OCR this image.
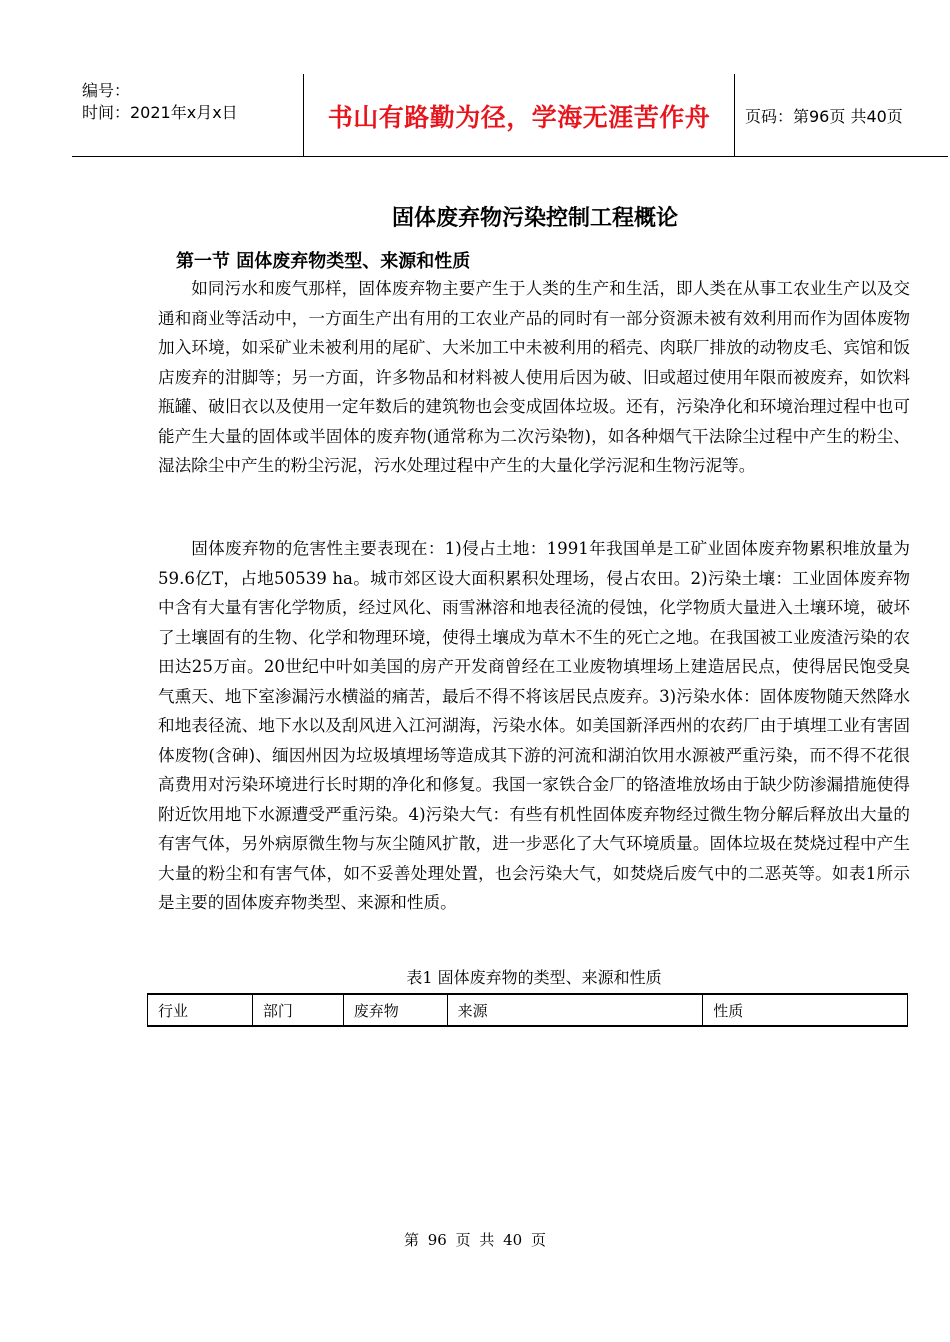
编号：
时间：2021年x月x日	书山有路勤为径，学海无涯苦作舟	页码：第96页 共40页
固体废弃物污染控制工程概论
第一节 固体废弃物类型、来源和性质

如同污水和废气那样，固体废弃物主要产生于人类的生产和生活，即人类在从事工农业生产以及交通和商业等活动中，一方面生产出有用的工农业产品的同时有一部分资源未被有效利用而作为固体废物加入环境，如采矿业未被利用的尾矿、大米加工中未被利用的稻壳、肉联厂排放的动物皮毛、宾馆和饭店废弃的泔脚等；另一方面，许多物品和材料被人使用后因为破、旧或超过使用年限而被废弃，如饮料瓶罐、破旧衣以及使用一定年数后的建筑物也会变成固体垃圾。还有，污染净化和环境治理过程中也可能产生大量的固体或半固体的废弃物(通常称为二次污染物)，如各种烟气干法除尘过程中产生的粉尘、湿法除尘中产生的粉尘污泥，污水处理过程中产生的大量化学污泥和生物污泥等。

固体废弃物的危害性主要表现在：1)侵占土地：1991年我国单是工矿业固体废弃物累积堆放量为59.6亿T，占地50539 ha。城市郊区设大面积累积处理场，侵占农田。2)污染土壤：工业固体废弃物中含有大量有害化学物质，经过风化、雨雪淋溶和地表径流的侵蚀，化学物质大量进入土壤环境，破坏了土壤固有的生物、化学和物理环境，使得土壤成为草木不生的死亡之地。在我国被工业废渣污染的农田达25万亩。20世纪中叶如美国的房产开发商曾经在工业废物填埋场上建造居民点，使得居民饱受臭气熏天、地下室渗漏污水横溢的痛苦，最后不得不将该居民点废弃。3)污染水体：固体废物随天然降水和地表径流、地下水以及刮风进入江河湖海，污染水体。如美国新泽西州的农药厂由于填埋工业有害固体废物(含砷)、缅因州因为垃圾填埋场等造成其下游的河流和湖泊饮用水源被严重污染，而不得不花很高费用对污染环境进行长时期的净化和修复。我国一家铁合金厂的铬渣堆放场由于缺少防渗漏措施使得附近饮用地下水源遭受严重污染。4)污染大气：有些有机性固体废弃物经过微生物分解后释放出大量的有害气体，另外病原微生物与灰尘随风扩散，进一步恶化了大气环境质量。固体垃圾在焚烧过程中产生大量的粉尘和有害气体，如不妥善处理处置，也会污染大气，如焚烧后废气中的二恶英等。如表1所示是主要的固体废弃物类型、来源和性质。

表1 固体废弃物的类型、来源和性质
行业	部门	废弃物	来源	性质
第 96 页 共 40 页
